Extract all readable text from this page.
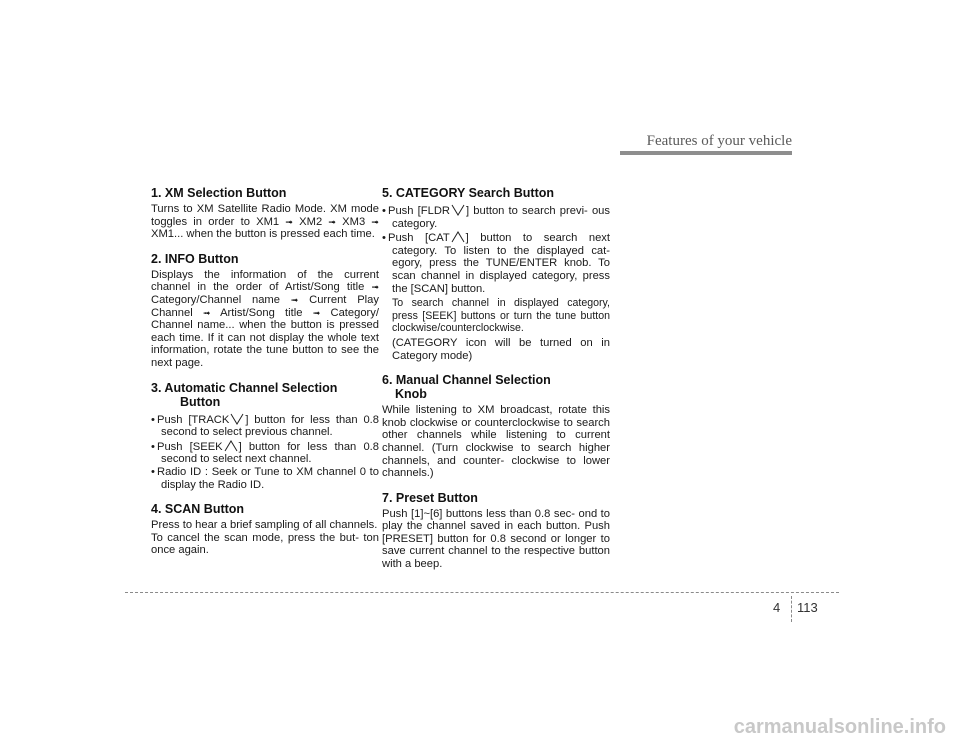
Features of your vehicle
1. XM Selection Button

Turns to XM Satellite Radio Mode. XM mode toggles in order to XM1 ➟ XM2 ➟ XM3 ➟ XM1... when the button is pressed each time.

2. INFO Button

Displays the information of the current channel in the order of Artist/Song title ➟ Category/Channel name ➟ Current Play Channel ➟ Artist/Song title ➟ Category/ Channel name... when the button is pressed each time. If it can not display the whole text information, rotate the tune button to see the next page.

3. Automatic Channel Selection
Button
• Push [TRACK ] button for less than 0.8 second to select previous channel.
• Push [SEEK ] button for less than 0.8 second to select next channel.
• Radio ID : Seek or Tune to XM channel 0 to display the Radio ID.
4. SCAN Button

Press to hear a brief sampling of all channels.

To cancel the scan mode, press the but- ton once again.

5. CATEGORY Search Button
• Push [FLDR ] button to search previ- ous category.
• Push [CAT ] button to search next category. To listen to the displayed cat- egory, press the TUNE/ENTER knob. To scan channel in displayed category, press the [SCAN] button.

To search channel in displayed category, press [SEEK] buttons or turn the tune button clockwise/counterclockwise.

(CATEGORY icon will be turned on in Category mode)

6. Manual Channel Selection
Knob

While listening to XM broadcast, rotate this knob clockwise or counterclockwise to search other channels while listening to current channel. (Turn clockwise to search higher channels, and counter- clockwise to lower channels.)

7. Preset Button

Push [1]~[6] buttons less than 0.8 sec- ond to play the channel saved in each button. Push [PRESET] button for 0.8 second or longer to save current channel to the respective button with a beep.

4 113
carmanualsonline.info
